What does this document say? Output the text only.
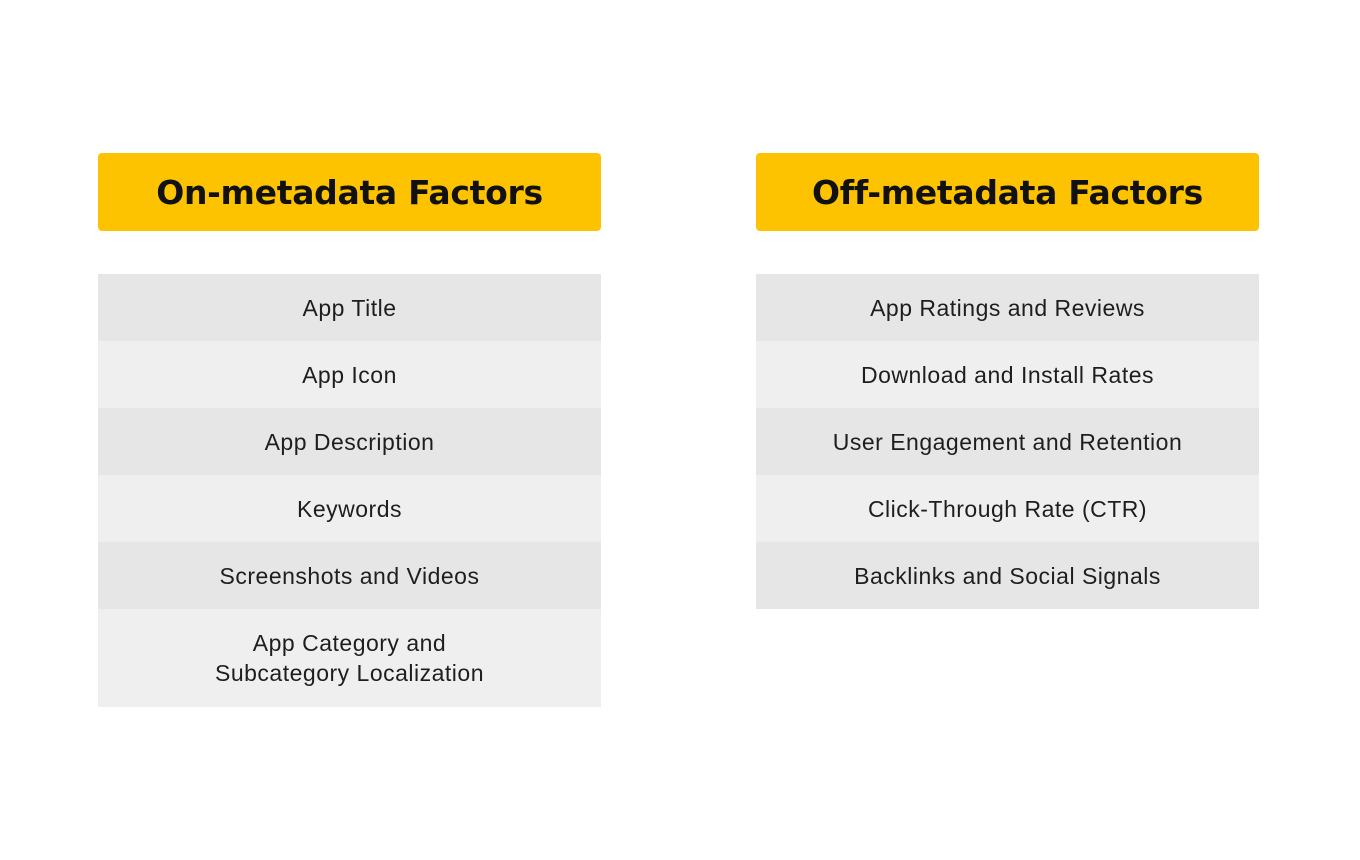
On-metadata Factors
App Title
App Icon
App Description
Keywords
Screenshots and Videos
App Category and
Subcategory Localization
Off-metadata Factors
App Ratings and Reviews
Download and Install Rates
User Engagement and Retention
Click-Through Rate (CTR)
Backlinks and Social Signals
